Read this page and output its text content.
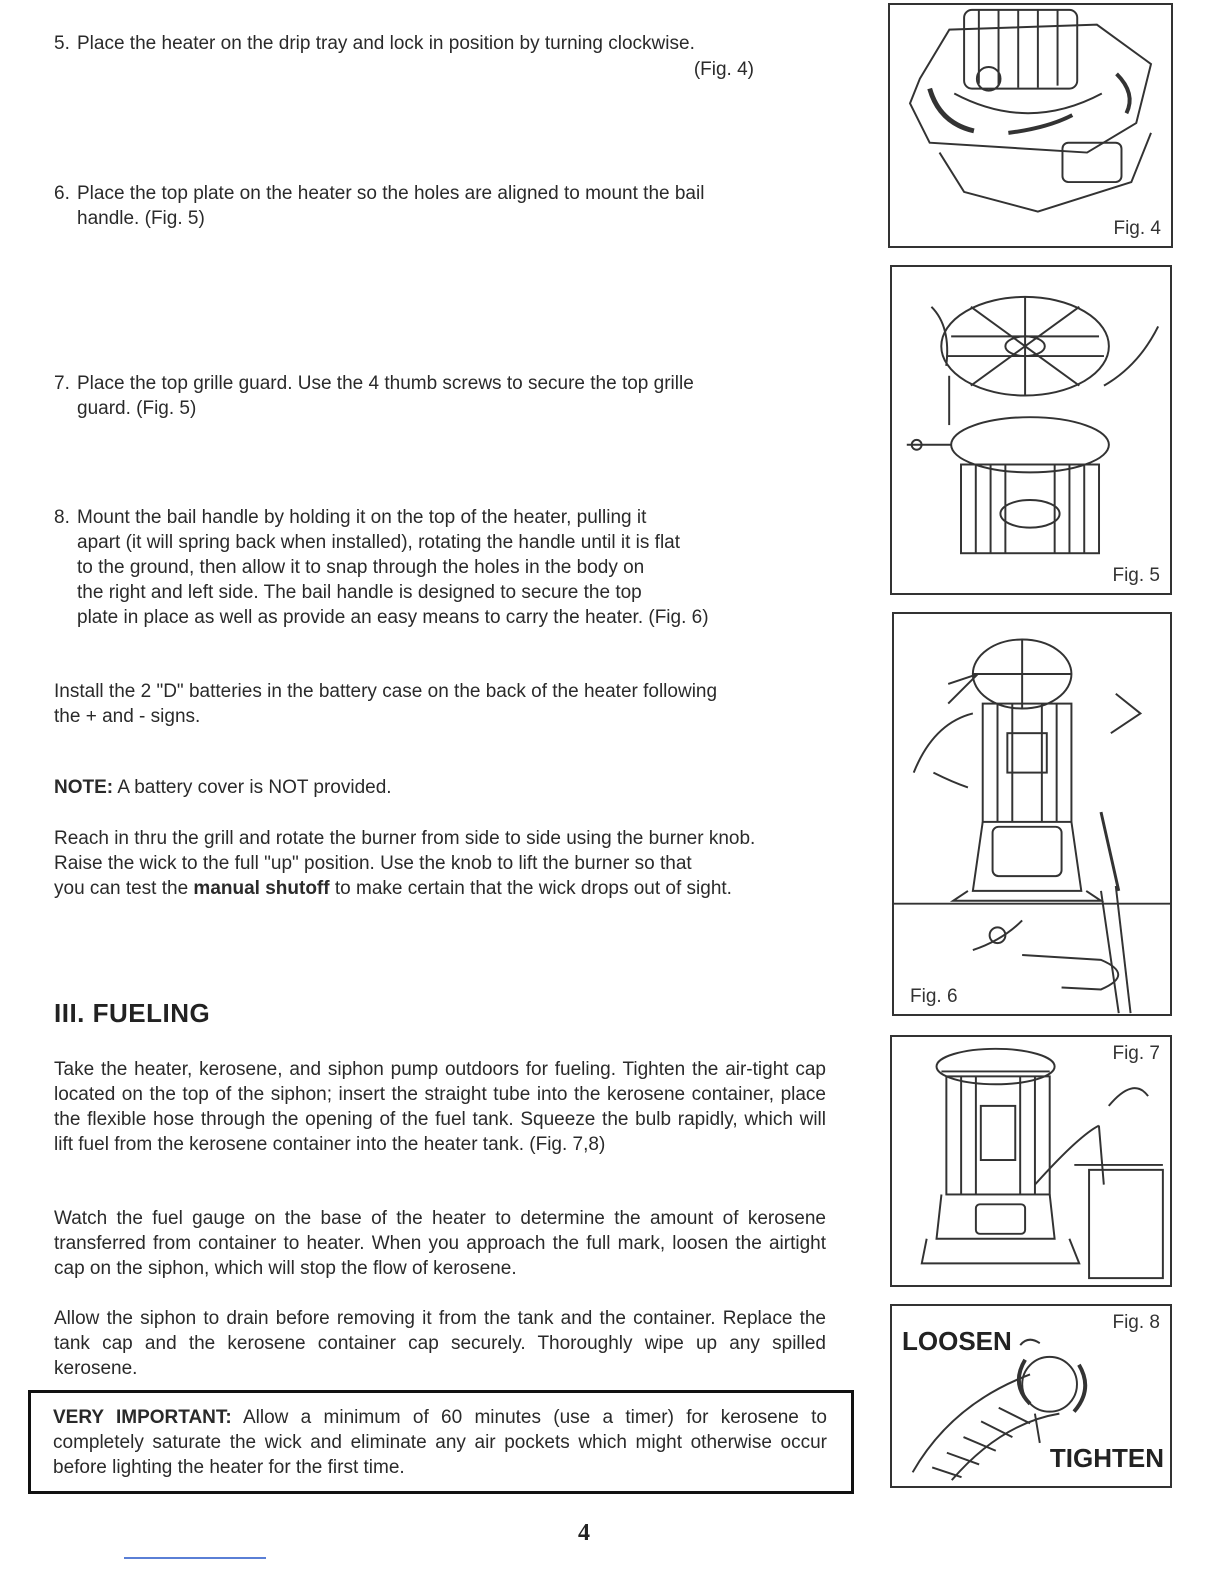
5. Place the heater on the drip tray and lock in position by turning clockwise.
(Fig. 4)
6. Place the top plate on the heater so the holes are aligned to mount the bail
handle. (Fig. 5)
7. Place the top grille guard. Use the 4 thumb screws to secure the top grille
guard. (Fig. 5)
8. Mount the bail handle by holding it on the top of the heater, pulling it
apart (it will spring back when installed), rotating the handle until it is flat
to the ground, then allow it to snap through the holes in the body on
the right and left side. The bail handle is designed to secure the top
plate in place as well as provide an easy means to carry the heater. (Fig. 6)
Install the 2 "D" batteries in the battery case on the back of the heater following
the + and - signs.
NOTE: A battery cover is NOT provided.
Reach in thru the grill and rotate the burner from side to side using the burner knob.
Raise the wick to the full "up" position. Use the knob to lift the burner so that
you can test the manual shutoff to make certain that the wick drops out of sight.
III. FUELING
Take the heater, kerosene, and siphon pump outdoors for fueling. Tighten the air-tight cap located on the top of the siphon; insert the straight tube into the kerosene container, place the flexible hose through the opening of the fuel tank. Squeeze the bulb rapidly, which will lift fuel from the kerosene container into the heater tank. (Fig. 7,8)
Watch the fuel gauge on the base of the heater to determine the amount of kerosene transferred from container to heater. When you approach the full mark, loosen the airtight cap on the siphon, which will stop the flow of kerosene.
Allow the siphon to drain before removing it from the tank and the container. Replace the tank cap and the kerosene container cap securely. Thoroughly wipe up any spilled kerosene.
VERY IMPORTANT: Allow a minimum of 60 minutes (use a timer) for kerosene to completely saturate the wick and eliminate any air pockets which might otherwise occur before lighting the heater for the first time.
4
Fig. 4
Fig. 5
Fig. 6
Fig. 7
Fig. 8
LOOSEN
TIGHTEN
